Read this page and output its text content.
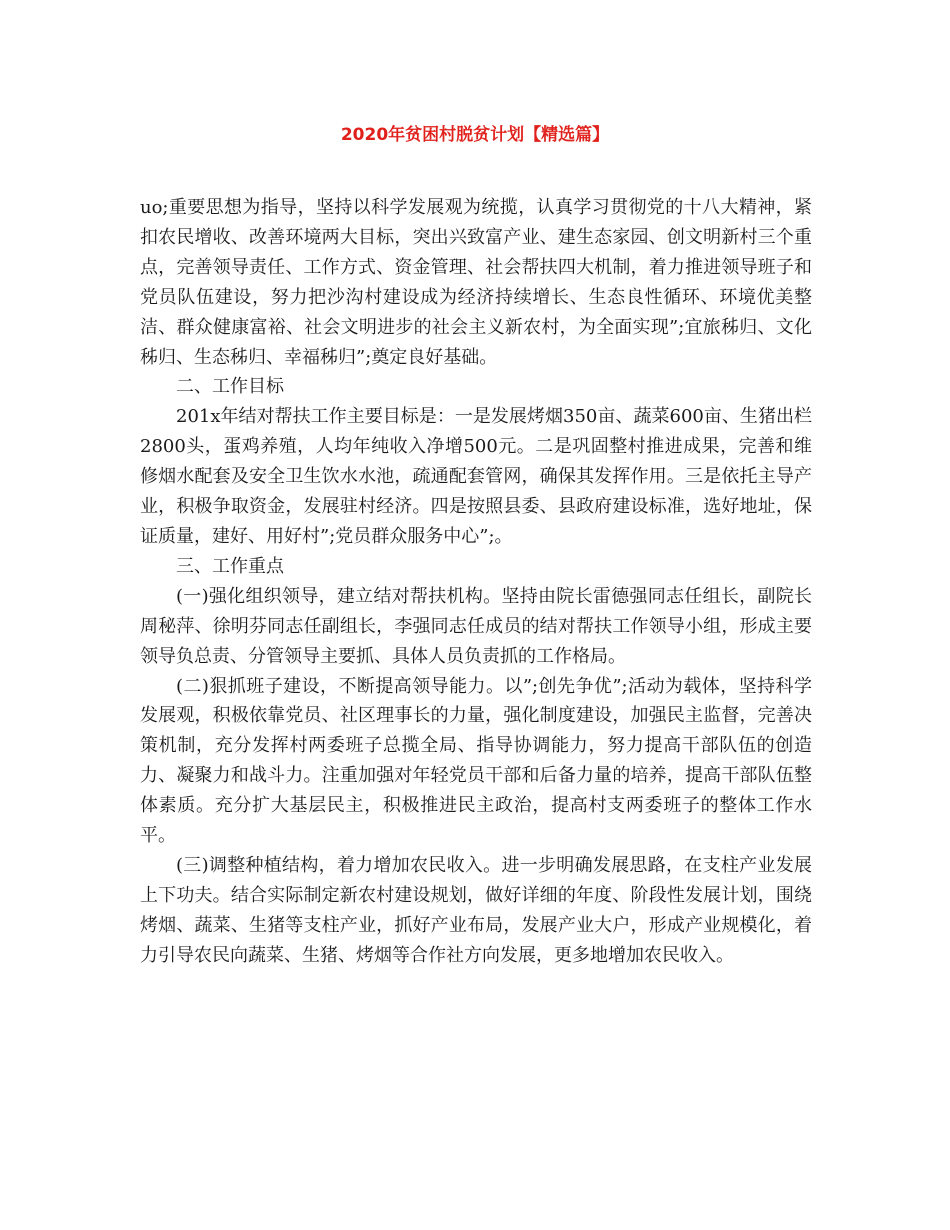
2020年贫困村脱贫计划【精选篇】

uo;重要思想为指导，坚持以科学发展观为统揽，认真学习贯彻党的十八大精神，紧扣农民增收、改善环境两大目标，突出兴致富产业、建生态家园、创文明新村三个重点，完善领导责任、工作方式、资金管理、社会帮扶四大机制，着力推进领导班子和党员队伍建设，努力把沙沟村建设成为经济持续增长、生态良性循环、环境优美整洁、群众健康富裕、社会文明进步的社会主义新农村，为全面实现”;宜旅秭归、文化秭归、生态秭归、幸福秭归”;奠定良好基础。

二、工作目标

201x年结对帮扶工作主要目标是：一是发展烤烟350亩、蔬菜600亩、生猪出栏2800头，蛋鸡养殖，人均年纯收入净增500元。二是巩固整村推进成果，完善和维修烟水配套及安全卫生饮水水池，疏通配套管网，确保其发挥作用。三是依托主导产业，积极争取资金，发展驻村经济。四是按照县委、县政府建设标准，选好地址，保证质量，建好、用好村”;党员群众服务中心”;。

三、工作重点

(一)强化组织领导，建立结对帮扶机构。坚持由院长雷德强同志任组长，副院长周秘萍、徐明芬同志任副组长，李强同志任成员的结对帮扶工作领导小组，形成主要领导负总责、分管领导主要抓、具体人员负责抓的工作格局。

(二)狠抓班子建设，不断提高领导能力。以”;创先争优”;活动为载体，坚持科学发展观，积极依靠党员、社区理事长的力量，强化制度建设，加强民主监督，完善决策机制，充分发挥村两委班子总揽全局、指导协调能力，努力提高干部队伍的创造力、凝聚力和战斗力。注重加强对年轻党员干部和后备力量的培养，提高干部队伍整体素质。充分扩大基层民主，积极推进民主政治，提高村支两委班子的整体工作水平。

(三)调整种植结构，着力增加农民收入。进一步明确发展思路，在支柱产业发展上下功夫。结合实际制定新农村建设规划，做好详细的年度、阶段性发展计划，围绕烤烟、蔬菜、生猪等支柱产业，抓好产业布局，发展产业大户，形成产业规模化，着力引导农民向蔬菜、生猪、烤烟等合作社方向发展，更多地增加农民收入。
